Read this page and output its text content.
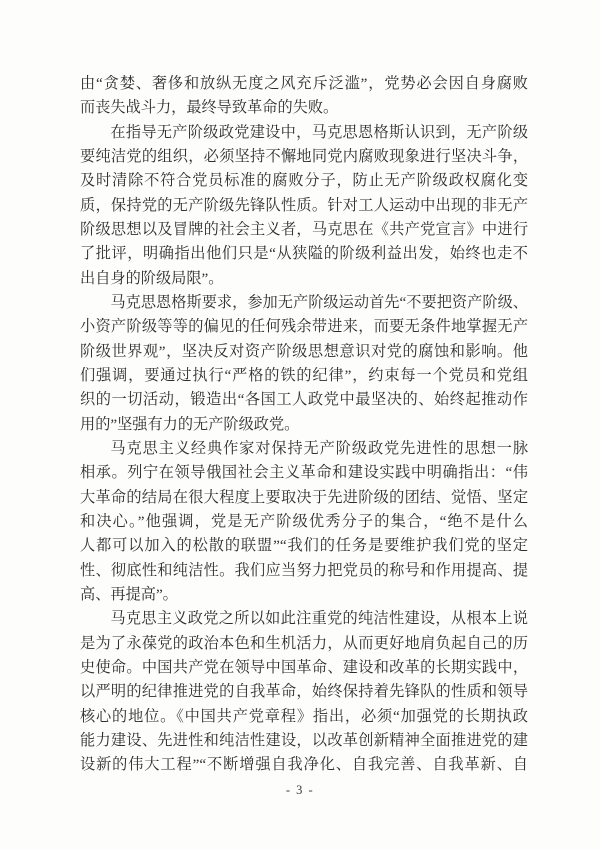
由“贪婪、奢侈和放纵无度之风充斥泛滥”，党势必会因自身腐败
而丧失战斗力，最终导致革命的失败。
在指导无产阶级政党建设中，马克思恩格斯认识到，无产阶级
要纯洁党的组织，必须坚持不懈地同党内腐败现象进行坚决斗争，
及时清除不符合党员标准的腐败分子，防止无产阶级政权腐化变
质，保持党的无产阶级先锋队性质。针对工人运动中出现的非无产
阶级思想以及冒牌的社会主义者，马克思在《共产党宣言》中进行
了批评，明确指出他们只是“从狭隘的阶级利益出发，始终也走不
出自身的阶级局限”。
马克思恩格斯要求，参加无产阶级运动首先“不要把资产阶级、
小资产阶级等等的偏见的任何残余带进来，而要无条件地掌握无产
阶级世界观”，坚决反对资产阶级思想意识对党的腐蚀和影响。他
们强调，要通过执行“严格的铁的纪律”，约束每一个党员和党组
织的一切活动，锻造出“各国工人政党中最坚决的、始终起推动作
用的”坚强有力的无产阶级政党。
马克思主义经典作家对保持无产阶级政党先进性的思想一脉
相承。列宁在领导俄国社会主义革命和建设实践中明确指出：“伟
大革命的结局在很大程度上要取决于先进阶级的团结、觉悟、坚定
和决心。”他强调，党是无产阶级优秀分子的集合，“绝不是什么
人都可以加入的松散的联盟”“我们的任务是要维护我们党的坚定
性、彻底性和纯洁性。我们应当努力把党员的称号和作用提高、提
高、再提高”。
马克思主义政党之所以如此注重党的纯洁性建设，从根本上说
是为了永葆党的政治本色和生机活力，从而更好地肩负起自己的历
史使命。中国共产党在领导中国革命、建设和改革的长期实践中，
以严明的纪律推进党的自我革命，始终保持着先锋队的性质和领导
核心的地位。《中国共产党章程》指出，必须“加强党的长期执政
能力建设、先进性和纯洁性建设，以改革创新精神全面推进党的建
设新的伟大工程”“不断增强自我净化、自我完善、自我革新、自
- 3 -
